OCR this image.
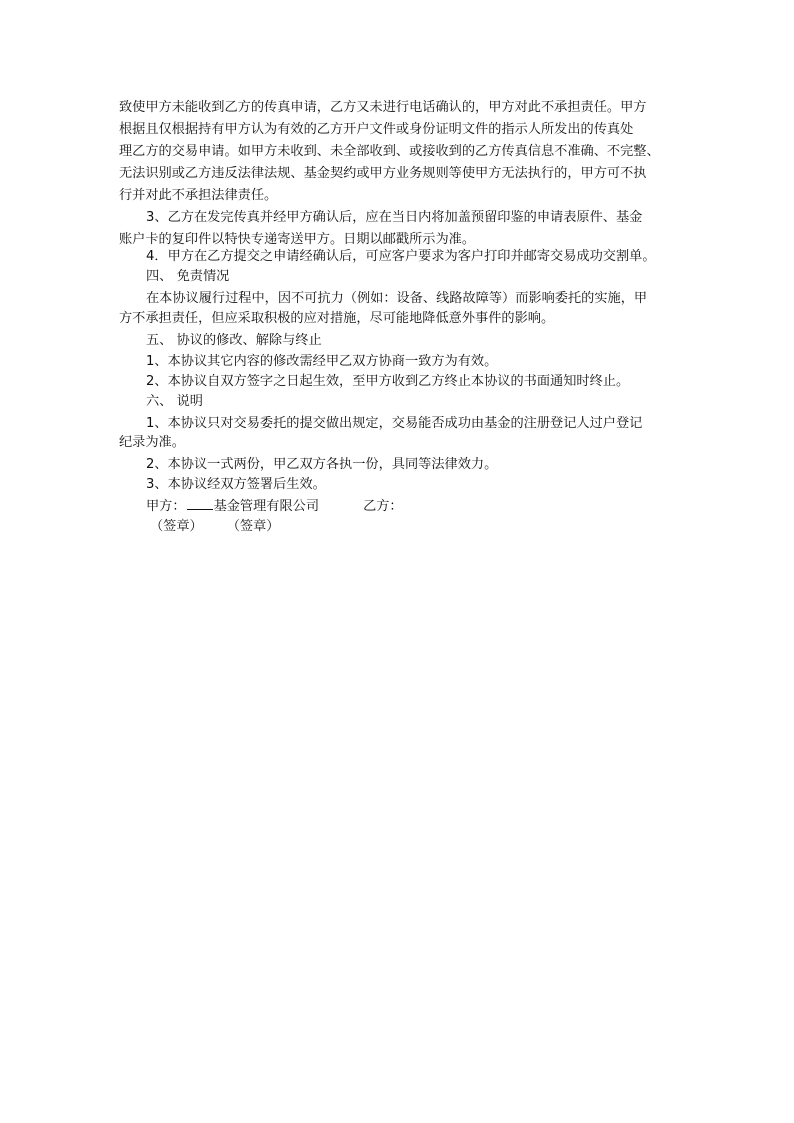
致使甲方未能收到乙方的传真申请，乙方又未进行电话确认的，甲方对此不承担责任。甲方
根据且仅根据持有甲方认为有效的乙方开户文件或身份证明文件的指示人所发出的传真处
理乙方的交易申请。如甲方未收到、未全部收到、或接收到的乙方传真信息不准确、不完整、
无法识别或乙方违反法律法规、基金契约或甲方业务规则等使甲方无法执行的，甲方可不执
行并对此不承担法律责任。
3、乙方在发完传真并经甲方确认后，应在当日内将加盖预留印鉴的申请表原件、基金
账户卡的复印件以特快专递寄送甲方。日期以邮戳所示为准。
4．甲方在乙方提交之申请经确认后，可应客户要求为客户打印并邮寄交易成功交割单。
四、 免责情况
在本协议履行过程中，因不可抗力（例如：设备、线路故障等）而影响委托的实施，甲
方不承担责任，但应采取积极的应对措施，尽可能地降低意外事件的影响。
五、 协议的修改、解除与终止
1、本协议其它内容的修改需经甲乙双方协商一致方为有效。
2、本协议自双方签字之日起生效，至甲方收到乙方终止本协议的书面通知时终止。
六、 说明
1、本协议只对交易委托的提交做出规定，交易能否成功由基金的注册登记人过户登记
纪录为准。
2、本协议一式两份，甲乙双方各执一份，具同等法律效力。
3、本协议经双方签署后生效。
甲方： 基金管理有限公司	乙方：
（签章） （签章）
